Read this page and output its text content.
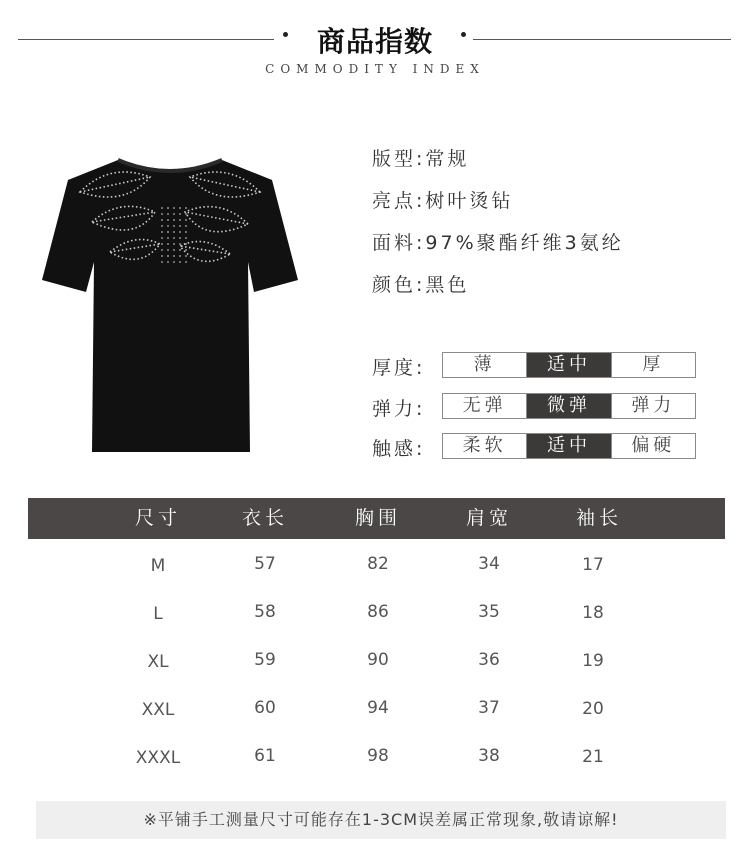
商品指数
COMMODITY INDEX
版型:常规
亮点:树叶烫钻
面料:97%聚酯纤维3氨纶
颜色:黑色
厚度:	薄	适中	厚
弹力:	无弹	微弹	弹力
触感:	柔软	适中	偏硬
尺寸	衣长	胸围	肩宽	袖长
M	57	82	34	17
L	58	86	35	18
XL	59	90	36	19
XXL	60	94	37	20
XXXL	61	98	38	21
※平铺手工测量尺寸可能存在1-3CM误差属正常现象,敬请谅解!
